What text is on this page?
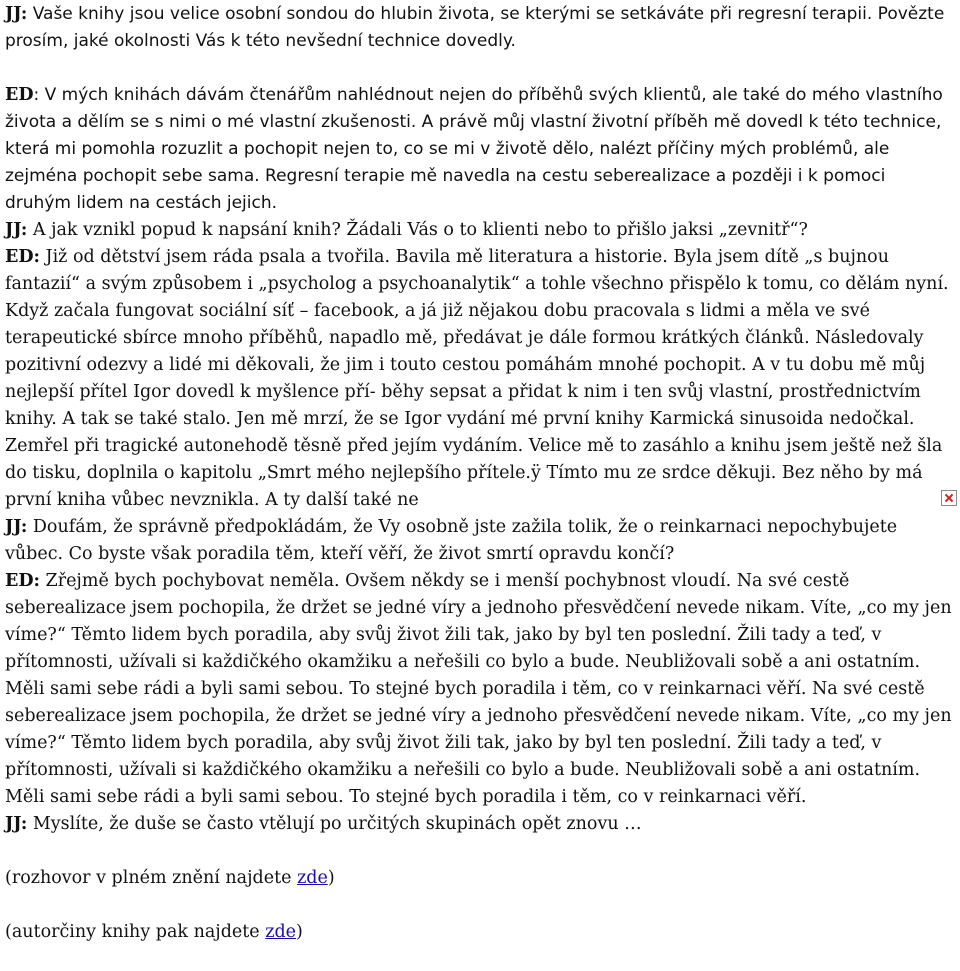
JJ: Vaše knihy jsou velice osobní sondou do hlubin života, se kterými se setkáváte při regresní terapii. Povězte prosím, jaké okolnosti Vás k této nevšední technice dovedly.

ED: V mých knihách dávám čtenářům nahlédnout nejen do příběhů svých klientů, ale také do mého vlastního života a dělím se s nimi o mé vlastní zkušenosti. A právě můj vlastní životní příběh mě dovedl k této technice, která mi pomohla rozuzlit a pochopit nejen to, co se mi v životě dělo, nalézt příčiny mých problémů, ale zejména pochopit sebe sama. Regresní terapie mě navedla na cestu seberealizace a později i k pomoci druhým lidem na cestách jejich.

JJ: A jak vznikl popud k napsání knih? Žádali Vás o to klienti nebo to přišlo jaksi „zevnitř“?

ED: Již od dětství jsem ráda psala a tvořila. Bavila mě literatura a historie. Byla jsem dítě „s bujnou fantazií“ a svým způsobem i „psycholog a psychoanalytik“ a tohle všechno přispělo k tomu, co dělám nyní. Když začala fungovat sociální síť – facebook, a já již nějakou dobu pracovala s lidmi a měla ve své terapeutické sbírce mnoho příběhů, napadlo mě, předávat je dále formou krátkých článků. Následovaly pozitivní odezvy a lidé mi děkovali, že jim i touto cestou pomáhám mnohé pochopit. A v tu dobu mě můj nejlepší přítel Igor dovedl k myšlence pří- běhy sepsat a přidat k nim i ten svůj vlastní, prostřednictvím knihy. A tak se také stalo. Jen mě mrzí, že se Igor vydání mé první knihy Karmická sinusoida nedočkal. Zemřel při tragické autonehodě těsně před jejím vydáním. Velice mě to zasáhlo a knihu jsem ještě než šla do tisku, doplnila o kapitolu „Smrt mého nejlepšího přítele.ÿ Tímto mu ze srdce děkuji. Bez něho by má první kniha vůbec nevznikla. A ty další také ne

JJ: Doufám, že správně předpokládám, že Vy osobně jste zažila tolik, že o reinkarnaci nepochybujete vůbec. Co byste však poradila těm, kteří věří, že život smrtí opravdu končí?

ED: Zřejmě bych pochybovat neměla. Ovšem někdy se i menší pochybnost vloudí. Na své cestě seberealizace jsem pochopila, že držet se jedné víry a jednoho přesvědčení nevede nikam. Víte, „co my jen víme?“ Těmto lidem bych poradila, aby svůj život žili tak, jako by byl ten poslední. Žili tady a teď, v přítomnosti, užívali si každičkého okamžiku a neřešili co bylo a bude. Neubližovali sobě a ani ostatním. Měli sami sebe rádi a byli sami sebou. To stejné bych poradila i těm, co v reinkarnaci věří. Na své cestě seberealizace jsem pochopila, že držet se jedné víry a jednoho přesvědčení nevede nikam. Víte, „co my jen víme?“ Těmto lidem bych poradila, aby svůj život žili tak, jako by byl ten poslední. Žili tady a teď, v přítomnosti, užívali si každičkého okamžiku a neřešili co bylo a bude. Neubližovali sobě a ani ostatním. Měli sami sebe rádi a byli sami sebou. To stejné bych poradila i těm, co v reinkarnaci věří.

JJ: Myslíte, že duše se často vtělují po určitých skupinách opět znovu …

(rozhovor v plném znění najdete zde)

(autorčiny knihy pak najdete zde)
